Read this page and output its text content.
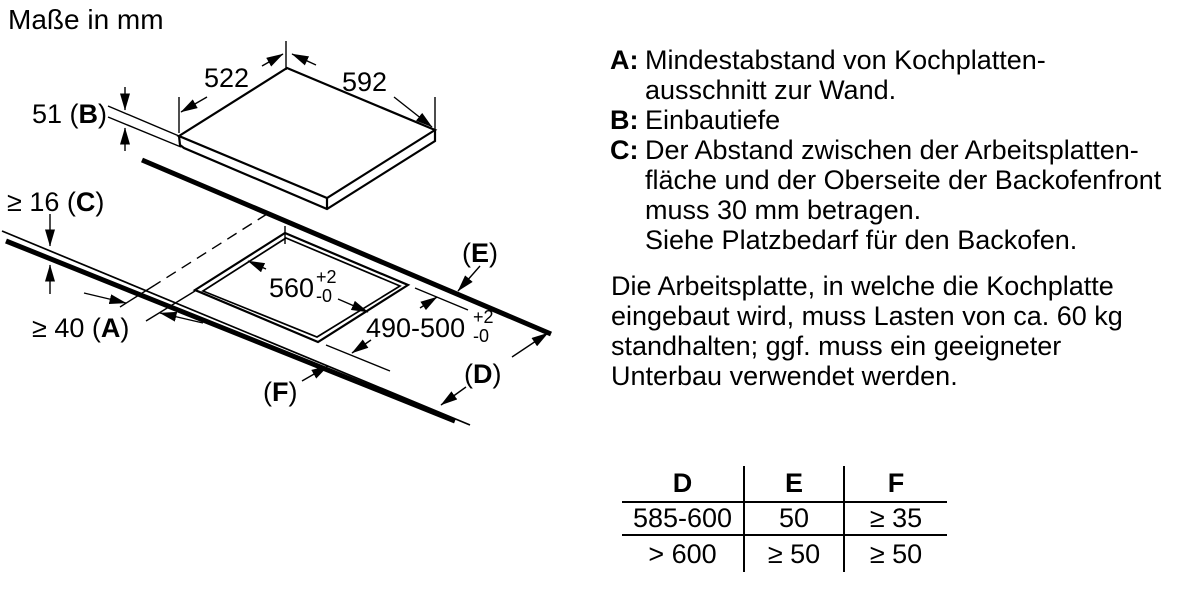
Maße in mm
522	592
51 (B)
≥ 16 (C)
≥ 40 (A)
560 +2
-0
490-500 +2
-0
(E)
(D)
(F)
A: Mindestabstand von Kochplatten-
ausschnitt zur Wand.
B: Einbautiefe
C: Der Abstand zwischen der Arbeitsplatten-
fläche und der Oberseite der Backofenfront
muss 30 mm betragen.
Siehe Platzbedarf für den Backofen.
Die Arbeitsplatte, in welche die Kochplatte
eingebaut wird, muss Lasten von ca. 60 kg
standhalten; ggf. muss ein geeigneter
Unterbau verwendet werden.
D	E	F
585-600	50	≥ 35
> 600	≥ 50	≥ 50
